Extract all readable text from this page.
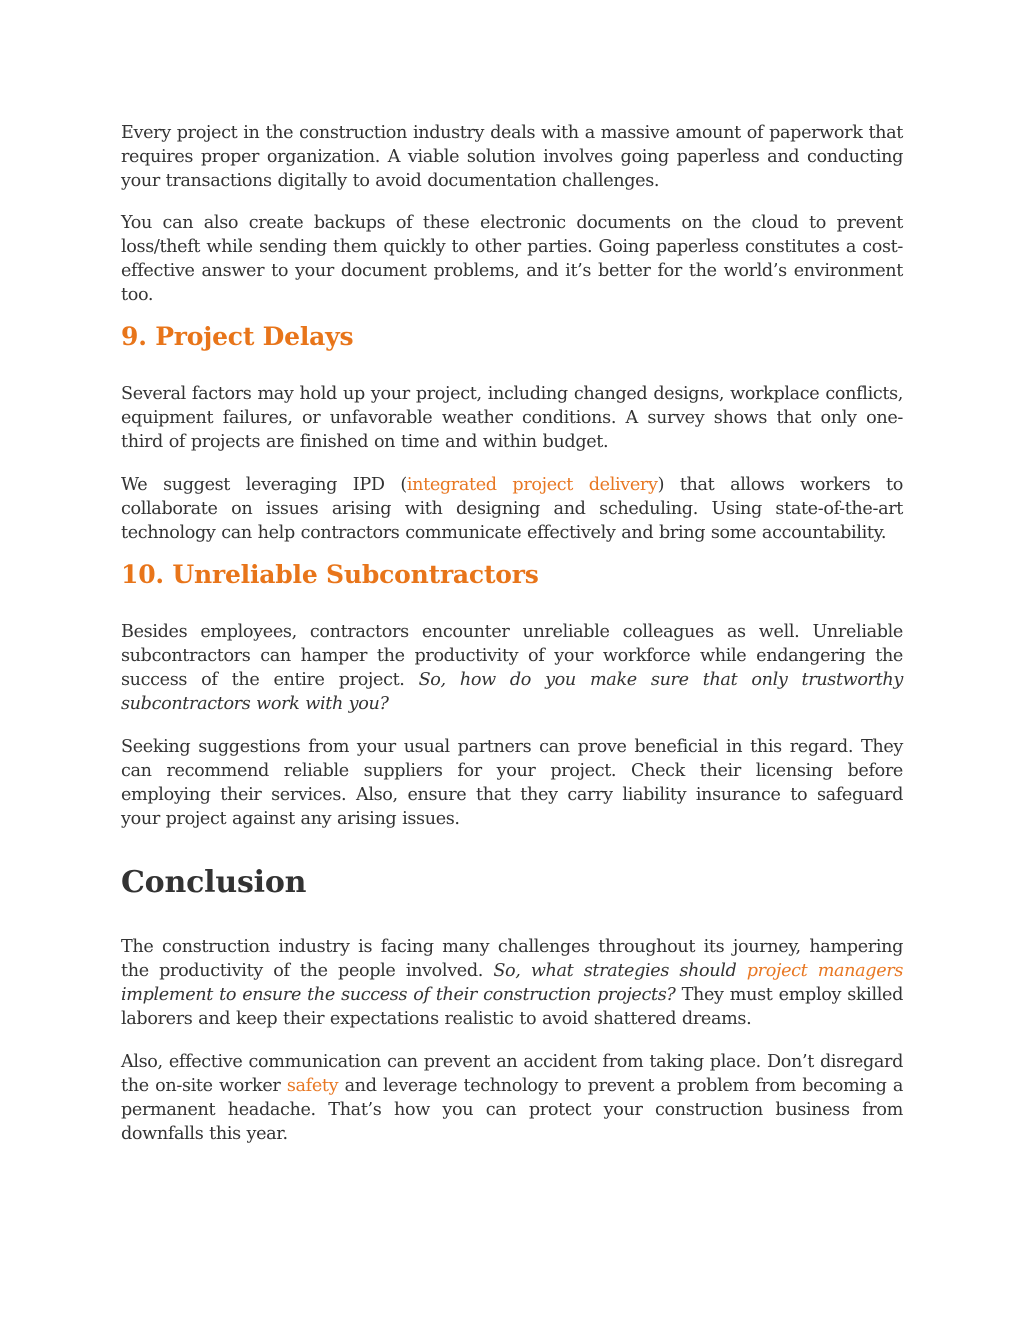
Every project in the construction industry deals with a massive amount of paperwork that requires proper organization. A viable solution involves going paperless and conducting your transactions digitally to avoid documentation challenges.

You can also create backups of these electronic documents on the cloud to prevent loss/theft while sending them quickly to other parties. Going paperless constitutes a cost-effective answer to your document problems, and it’s better for the world’s environment too.

9. Project Delays

Several factors may hold up your project, including changed designs, workplace conflicts, equipment failures, or unfavorable weather conditions. A survey shows that only one-third of projects are finished on time and within budget.

We suggest leveraging IPD (integrated project delivery) that allows workers to collaborate on issues arising with designing and scheduling. Using state-of-the-art technology can help contractors communicate effectively and bring some accountability.

10. Unreliable Subcontractors

Besides employees, contractors encounter unreliable colleagues as well. Unreliable subcontractors can hamper the productivity of your workforce while endangering the success of the entire project. So, how do you make sure that only trustworthy subcontractors work with you?

Seeking suggestions from your usual partners can prove beneficial in this regard. They can recommend reliable suppliers for your project. Check their licensing before employing their services. Also, ensure that they carry liability insurance to safeguard your project against any arising issues.

Conclusion

The construction industry is facing many challenges throughout its journey, hampering the productivity of the people involved. So, what strategies should project managers implement to ensure the success of their construction projects? They must employ skilled laborers and keep their expectations realistic to avoid shattered dreams.

Also, effective communication can prevent an accident from taking place. Don’t disregard the on-site worker safety and leverage technology to prevent a problem from becoming a permanent headache. That’s how you can protect your construction business from downfalls this year.
